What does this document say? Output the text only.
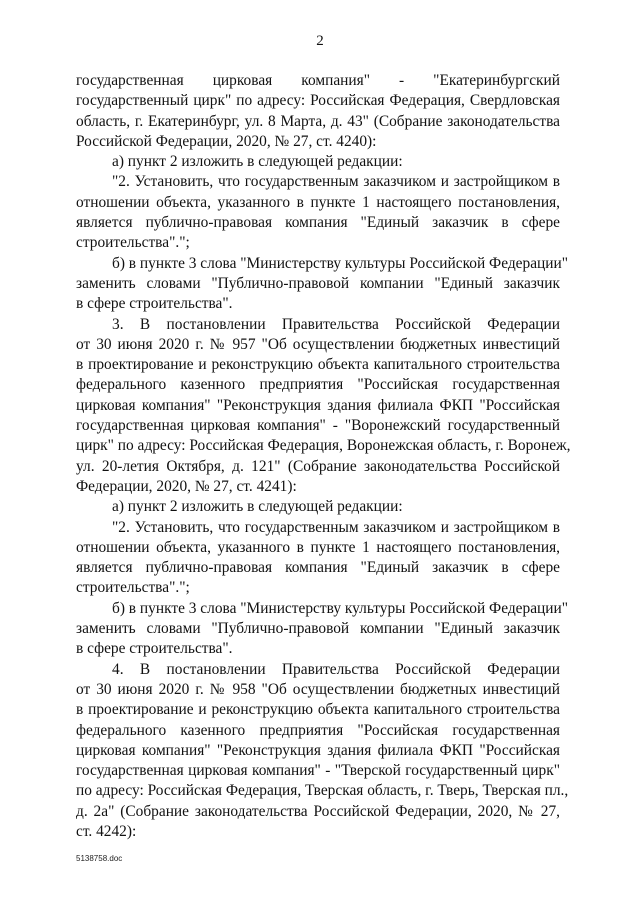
2
государственная цирковая компания" - "Екатеринбургский
государственный цирк" по адресу: Российская Федерация, Свердловская
область, г. Екатеринбург, ул. 8 Марта, д. 43" (Собрание законодательства
Российской Федерации, 2020, № 27, ст. 4240):
а) пункт 2 изложить в следующей редакции:
"2. Установить, что государственным заказчиком и застройщиком в
отношении объекта, указанного в пункте 1 настоящего постановления,
является публично-правовая компания "Единый заказчик в сфере
строительства".";
б) в пункте 3 слова "Министерству культуры Российской Федерации"
заменить словами "Публично-правовой компании "Единый заказчик
в сфере строительства".
3. В постановлении Правительства Российской Федерации
от 30 июня 2020 г. № 957 "Об осуществлении бюджетных инвестиций
в проектирование и реконструкцию объекта капитального строительства
федерального казенного предприятия "Российская государственная
цирковая компания" "Реконструкция здания филиала ФКП "Российская
государственная цирковая компания" - "Воронежский государственный
цирк" по адресу: Российская Федерация, Воронежская область, г. Воронеж,
ул. 20-летия Октября, д. 121" (Собрание законодательства Российской
Федерации, 2020, № 27, ст. 4241):
а) пункт 2 изложить в следующей редакции:
"2. Установить, что государственным заказчиком и застройщиком в
отношении объекта, указанного в пункте 1 настоящего постановления,
является публично-правовая компания "Единый заказчик в сфере
строительства".";
б) в пункте 3 слова "Министерству культуры Российской Федерации"
заменить словами "Публично-правовой компании "Единый заказчик
в сфере строительства".
4. В постановлении Правительства Российской Федерации
от 30 июня 2020 г. № 958 "Об осуществлении бюджетных инвестиций
в проектирование и реконструкцию объекта капитального строительства
федерального казенного предприятия "Российская государственная
цирковая компания" "Реконструкция здания филиала ФКП "Российская
государственная цирковая компания" - "Тверской государственный цирк"
по адресу: Российская Федерация, Тверская область, г. Тверь, Тверская пл.,
д. 2а" (Собрание законодательства Российской Федерации, 2020, № 27,
ст. 4242):
5138758.doc
